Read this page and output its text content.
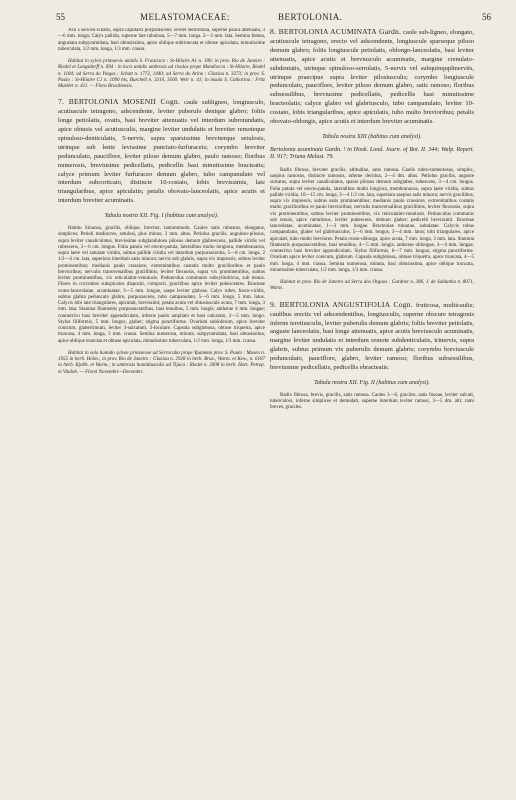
55	MELASTOMACEAE:	BERTOLONIA.	56

Acu s sericeo-ciliatis, supra capillaris purpurascens; leviter Bertolonia, superne pauca attenuata, 3—6 mm. longa; Calyx pallida, superne late tubulosa, 5—7 mm. longa. 2—3 mm. lata. Semina femea, angustata subpyramidata, basi obtusissima, apice oblique subtruncata et obtuse apiculata, minutissime tuberculata, 1/2 mm. longa, 1/3 mm. crassa.

Habitat in sylvis primaevis umidis S. Francisco : St-Hilaire A1 n. 180; in prov. Rio de Janeiro : Riedel et Langsdorff n. 694 : in locis umidis umbrosis ad rivulos prope Mandiocca : St-Hilaire, Riedel n. 1184; ad Serra do Ymgas : Schott n. 1772, 1440; ad Serra do Arino : Glaziou n. 3273; in prov. S. Paulo : St-Hilaire C1 n. 1090 bis, Burchell n. 3310, 3500. Weir n. 41; in insula S. Catharina : Fritz Mueller n. 411. — Flora Brasiliensis.

7. BERTOLONIA MOSENII Cogn. caule subligneo, longiusculo, acutiuscule tetragono, adscendente, leviter puberulo denique glabro; foliis longe petiolatis, ovatis, basi breviter attenuatis vel interdum subrotundatis, apice obtusis vel acutiusculis, margine leviter undulatis et breviter remoteque spinuloso-denticulatis, 5-nervis, supra sparsissime breviterque setulosis, utrinque sub lente levissime punctato-furfuraceis; corymbo breviter pedunculato, pauciflore, leviter piloso demum glabro, paulo ramoso; floribus numerosis, breviusime pedicellatis, pedicellis basi minutissime bracteatis; calyce primum leviter furfuraceo demum glabro, tubo campanulato vel interdum subcorticato, distincte 10-costato, lobis brevissimis, late triangularibus, apice apiculatis; petalis obovato-lanceolatis, apice acutis et interdum breviter acuminatis.

Tabula nostra XII. Fig. I (habitus cum analysi).

Habitu Sinuosa, gracilis, oblique, breviter, tantummodo. Caules satis robustus, elongatus, simplices; Petioli mediocres, setulosi, plus minus; 3 mm. altus. Petiolus gracilis, anguloso-pilosus, supra leviter canaliculatus, brevissime subglanduloso pilosus demum glabrescens, pallide viridis vel rubescens, 3—6 cm. longus. Folia patula vel erecto-patula, lateralibus multo longiora, membranacea, supra laete vel saturate viridia, subtus pallide viridia vel interdum purpurascentia, 5—8 cm. longa, 2 1/2—4 cm. lata, superiora interdum satis minora; nervis sub glabris, supra vix impressis, subtus leviter prominentibus; medianis paulo crassiore, extremitatibus costatis multo gracilioribus et paulo brevioribus; nervulis transversalibus gracillimis, leviter flexuosis, supra vix prominentibus, subtus leviter prominentibus, vix reticulatim-venulosis. Pedunculus communis subcylindricus, sub tenuis. Flores in corymbos subspicatos dispositi, compacti, gracilibus apice leviter pubescentes. Bracteae ovato-lanceolatae, acuminatae, 3—5 mm. longae, saepe leviter glabrae. Calyx ruber, fusco-viridis, subtus glabra pedunculo glabro, purpurascens, tubo campanulato, 5—6 mm. longo, 5 mm. latus. Calycis lobi late triangulares, apiculati, brevissimi; petala acuta vel obtusiuscule acuta, 7 mm. longa, 3 mm. lata. Stamina filamentis purpurascentibus, basi tenuibus, 5 mm. longis; antherae 4 mm. longae; connectivo basi breviter appendiculato, inferne paulo ampliato et basi calcarato, 2—5 mm. longo. Stylus filiformis, 5 mm. longus, glaber; stigma punctiforme. Ovarium subinferum, apice breviter conicum, glaberrimum, leviter 3-sulcatum, 3-loculare. Capsula subglobosa, obtuse triquetra, apice truncata, 4 mm. longa, 3 mm. crassa. Semina numerosa, minuta, subpyramidata, basi obtusissima, apice oblique truncata et obtuse apiculata, minutissime tuberculata, 1/2 mm. longa, 1/3 mm. crassa.

Habitat in solo humido sylvae primaevae ad Serrocaba prope Ypanema prov. S. Paulo : Mosen n. 1955 in herb. Holm.; in prov. Rio de Janeiro : Glaziou n. 2928 in herb. Brux., Warm. et Kew., n. 6187 in herb. Kjobh. et Warm.; in umbrosis humidiusculis ad Tijuca : Riedel n. 2008 in herb. Hort. Petrop. et Vindob. — Floret Novembri—Decembri.

8. BERTOLONIA ACUMINATA Gardn. caule sub-ligneo, elongato, acutiuscule tetragono, erecto vel adscendente, longiuscule sparseque piloso demum glabro; foliis longiuscule petiolatis, oblongo-lanceolatis, basi leviter attenuatis, apice acutis et breviusculo acuminatis, margine crenulato-subdentatis, utrinque spinuloso-serrulatis, 5-nervis vel subquinquplinerviis, utrinque praecipue supra leviter pilosiusculis; corymbo longiuscule pedunculato, pauciflore, leviter piloso demum glabro, satis ramoso; floribus subsessilibus, breviusime pedicellatis, pedicellis basi minutissime bracteolatis; calyce glabro vel glabriusculo, tubo campanulato, leviter 10-costato, lobis triangularibus, apice apiculatis, tubo multo brevioribus; petalis obovato-oblongis, apice acutis et interdum breviter acuminatis.

Tabula nostra XIII (habitus cum analysi).

Bertolonia acuminata Gardn. ! in Hook. Lond. Journ. of Bot. II. 344; Walp. Repert. II. 917; Triana Melast. 79.

Radix fibrosa, breviter gracilis, altitudine, satis ramosa. Caulis rubro-tomentosus, simplex, saepius ramosus, distincte ramosus, inferne decidua, 2—4 dm. altus. Petiolus gracilis, anguste sulcatus, supra leviter canaliculatus, sparse pilosus demum subglaber, rubescens, 3—4 cm. longus. Folia patula vel erecto-patula, lateralibus multo longiora, membranacea, supra laete viridia, subtus pallide viridia, 10—15 cm. longa, 3—4 1/2 cm. lata, superiora saepius satis minora; nervis gracilibus, supra vix impressis, subtus satis prominentibus; medianis paulo crassiore, extremitatibus costatis multo gracilioribus et paulo brevioribus; nervulis transversalibus gracillimis, leviter flexuosis, supra vix prominentibus, subtus leviter prominentibus, vix reticulatim-venulosis. Pedunculus communis sub tenuis, apice ramulosus, leviter pubescens, demum glaber; pedicelli brevissimi. Bracteae lanceolatae, acuminatae, 1—3 mm. longae. Bracteolae minutae, subulatae. Calycis tubus campanulatus, glaber vel glabriusculus, 5—6 mm. longus, 3—4 mm. latus; lobi triangulares, apice apiculati, tubo multo breviores. Petala ovato-oblonga, apice acuta, 7 mm. longa, 3 mm. lata. Stamina filamentis purpurascentibus, basi tenuibus, 4—5 mm. longis; antherae oblongae, 3—4 mm. longae, connectivo basi breviter appendiculato. Stylus filiformis, 6—7 mm. longus; stigma punctiforme. Ovarium apice leviter conicum, glabrum. Capsula subglobosa, obtuse triquetra, apice truncata, 4—5 mm. longa, 4 mm. crassa. Semina numerosa, minuta, basi obtusissima, apice oblique truncata, minutissime tuberculata, 1/2 mm. longa, 1/3 mm. crassa.

Habitat in prov. Rio de Janeiro ad Serra dos Orgaos : Gardner n. 386, J. de Saldanha n. 8071, Warm.

9. BERTOLONIA ANGUSTIFOLIA Cogn. fruticosa, multicaulis; caulibus erectis vel adscendentibus, longiusculis, superne obscure tetragonis inferne teretiusculis, leviter puberulis demum glabris; foliis breviter petiolatis, anguste lanceolatis, basi longe attenuatis, apice acutis breviusculo acuminatis, margine leviter undulatis et interdum remote subdenticulatis, trinervis, supra glabris, subtus primum vix puberulis demum glabris; corymbo breviuscule pedunculato, pauciflore, glabro, leviter ramoso; floribus subsessilibus, breviusime pedicellatis, pedicellis ebracteatis.

Tabula nostra XII. Fig. II (habitus cum analysi).

Radix fibrosa, brevis, gracilis, satis ramosa. Caules 3—6, graciles, satis fusoae, leviter sulcati, tuberculosi, inferne simplices et demudati, superne interdum leviter ramosi, 3—5 dm. alti; rami breves, graciles.
